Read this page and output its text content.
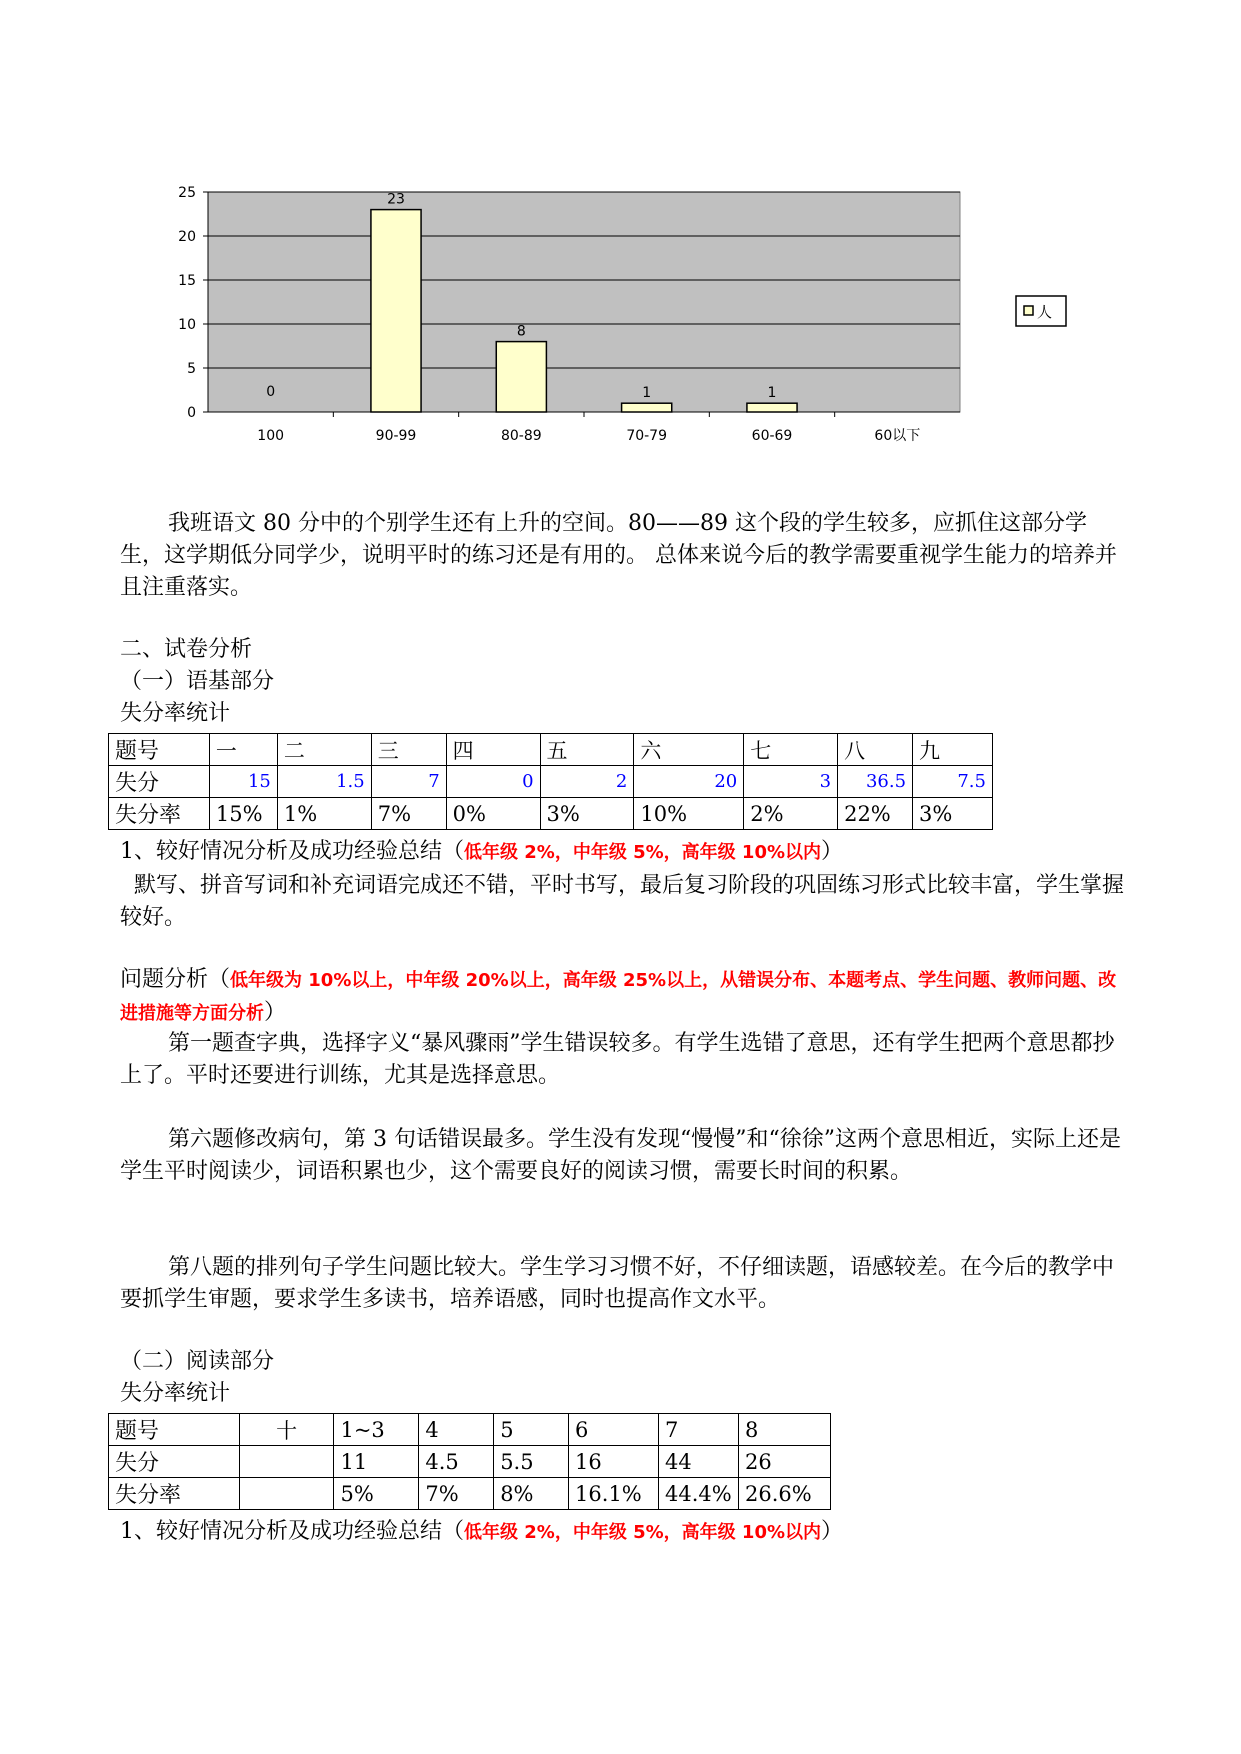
0
5
10
15
20
25
0
100
23
90-99
8
80-89
1
70-79
1
60-69	60以下
人

我班语文 80 分中的个别学生还有上升的空间。80——89 这个段的学生较多，应抓住这部分学生，这学期低分同学少，说明平时的练习还是有用的。 总体来说今后的教学需要重视学生能力的培养并且注重落实。

二、试卷分析

（一）语基部分

失分率统计

题号	一	二	三	四	五	六	七	八	九
失分	15	1.5	7	0	2	20	3	36.5	7.5
失分率	15%	1%	7%	0%	3%	10%	2%	22%	3%

1、较好情况分析及成功经验总结（低年级 2%，中年级 5%，高年级 10%以内）

默写、拼音写词和补充词语完成还不错，平时书写，最后复习阶段的巩固练习形式比较丰富，学生掌握较好。

问题分析（低年级为 10%以上，中年级 20%以上，高年级 25%以上，从错误分布、本题考点、学生问题、教师问题、改进措施等方面分析）

第一题查字典，选择字义“暴风骤雨”学生错误较多。有学生选错了意思，还有学生把两个意思都抄上了。平时还要进行训练，尤其是选择意思。

第六题修改病句，第 3 句话错误最多。学生没有发现“慢慢”和“徐徐”这两个意思相近，实际上还是学生平时阅读少，词语积累也少，这个需要良好的阅读习惯，需要长时间的积累。

第八题的排列句子学生问题比较大。学生学习习惯不好，不仔细读题，语感较差。在今后的教学中要抓学生审题，要求学生多读书，培养语感，同时也提高作文水平。

（二）阅读部分

失分率统计

题号	十	1~3	4	5	6	7	8
失分		11	4.5	5.5	16	44	26
失分率		5%	7%	8%	16.1%	44.4%	26.6%

1、较好情况分析及成功经验总结（低年级 2%，中年级 5%，高年级 10%以内）
